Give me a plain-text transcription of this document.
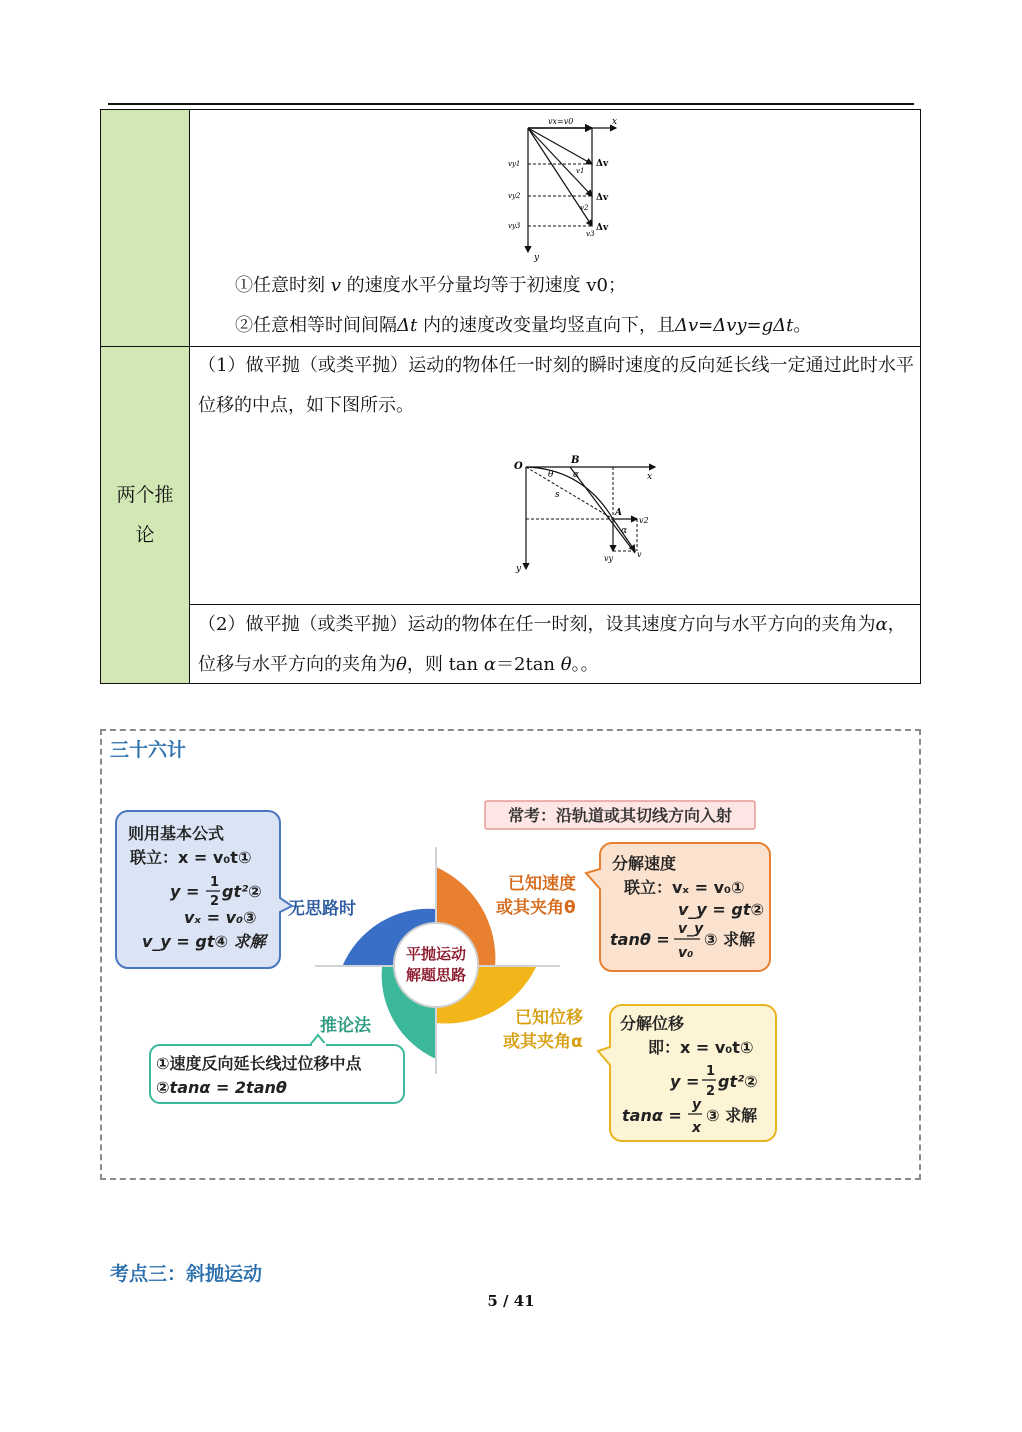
vx=v0	x
y
vy1
vy2
vy3
v1
v2
v3
Δv
Δv
Δv
①任意时刻 v 的速度水平分量均等于初速度 v0；
②任意相等时间间隔Δt 内的速度改变量均竖直向下，且Δv=Δvy=gΔt。
两个推论
（1）做平抛（或类平抛）运动的物体任一时刻的瞬时速度的反向延长线一定通过此时水平位移的中点，如下图所示。
O
B
x
y
θ α
s
A
α
v2
vy	v
（2）做平抛（或类平抛）运动的物体在任一时刻，设其速度方向与水平方向的夹角为α，位移与水平方向的夹角为θ，则 tan α＝2tan θ。。
三十六计
平抛运动
解题思路
无思路时
已知速度
或其夹角θ
已知位移
或其夹角α
推论法
常考：沿轨道或其切线方向入射
则用基本公式
联立：x = v₀t①
y = 1
2
gt²②
vₓ = v₀③
v_y = gt④ 求解
分解速度
联立：vₓ = v₀①
v_y = gt②
tanθ =
v_y
v₀
③ 求解
①速度反向延长线过位移中点
②tanα = 2tanθ
分解位移
即：x = v₀t①
y =
1
2
gt²②
tanα =
y
x
③ 求解
考点三：斜抛运动
5 / 41
